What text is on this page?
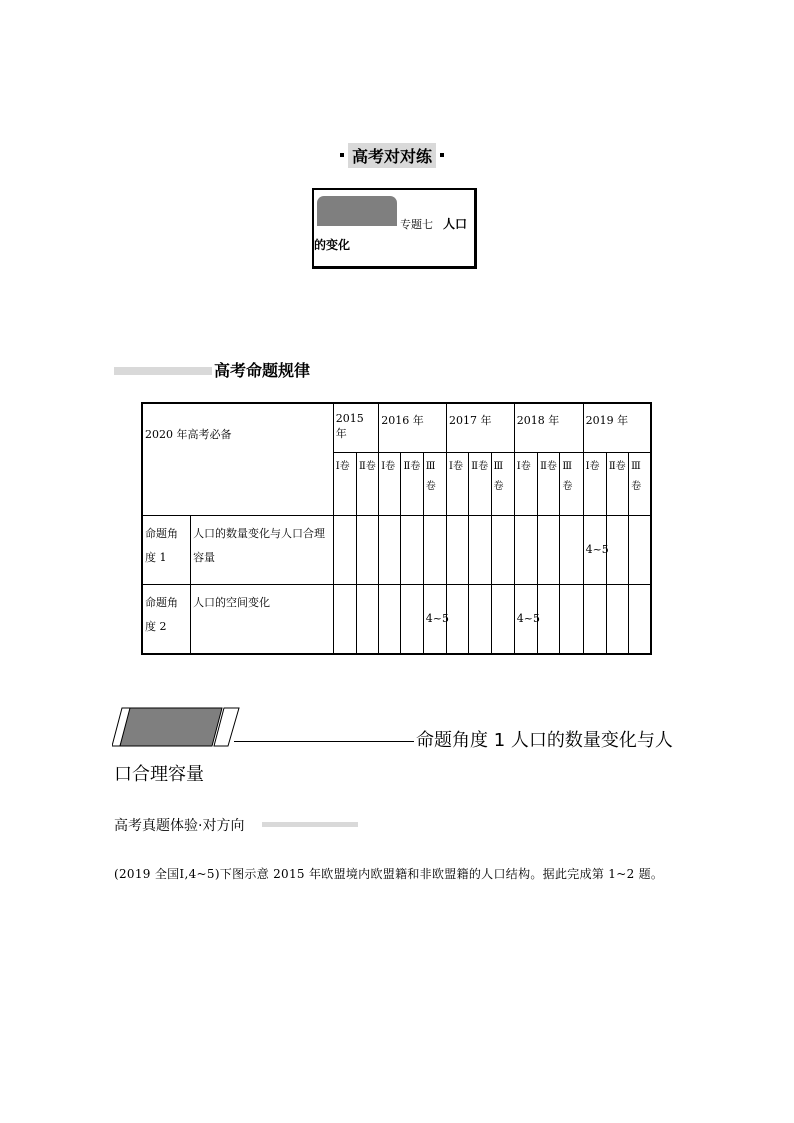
高考对对练
专题七 人口
的变化
高考命题规律
2020 年高考必备		2015 年		2016 年			2017 年			2018 年			2019 年		
		Ⅰ卷	Ⅱ卷	Ⅰ卷	Ⅱ卷	Ⅲ卷	Ⅰ卷	Ⅱ卷	Ⅲ卷	Ⅰ卷	Ⅱ卷	Ⅲ卷	Ⅰ卷	Ⅱ卷	Ⅲ卷
命题角度 1	人口的数量变化与人口合理容量												4~5		
命题角度 2	人口的空间变化					4~5				4~5					
命题角度 1 人口的数量变化与人
口合理容量
高考真题体验·对方向
(2019 全国Ⅰ,4~5)下图示意 2015 年欧盟境内欧盟籍和非欧盟籍的人口结构。据此完成第 1~2 题。
